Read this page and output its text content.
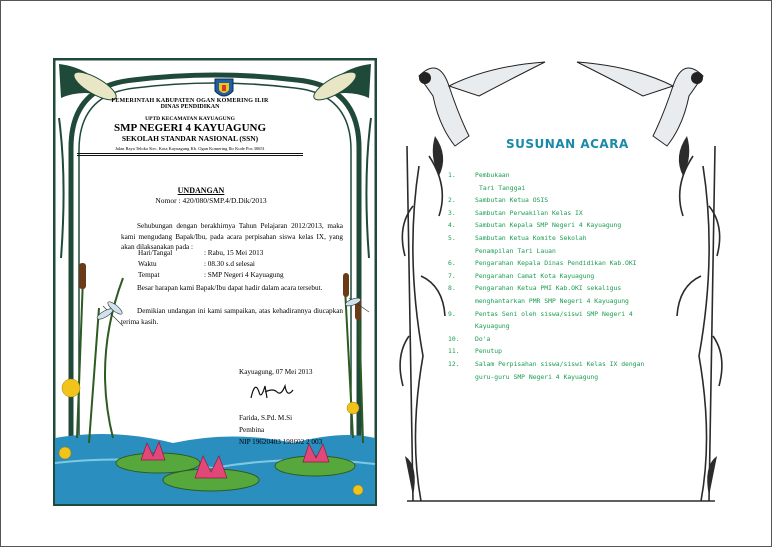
PEMERINTAH KABUPATEN OGAN KOMERING ILIR
DINAS PENDIDIKAN
UPTD KECAMATAN KAYUAGUNG
SMP NEGERI 4 KAYUAGUNG
SEKOLAH STANDAR NASIONAL (SSN)
Jalan Raya Teloko Kec. Kota Kayuagung Kb. Ogan Komering Ilir Kode Pos 30651
UNDANGAN
Nomor : 420/080/SMP.4/D.Dik/2013
Sehubungan dengan berakhirnya Tahun Pelajaran 2012/2013, maka kami mengudang Bapak/Ibu, pada acara perpisahan siswa kelas IX, yang akan dilaksanakan pada :
Hari/Tangal	: Rabu, 15 Mei 2013
Waktu	: 08.30 s.d selesai
Tempat	: SMP Negeri 4 Kayuagung
Besar harapan kami Bapak/Ibu dapat hadir dalam acara tersebut.
Demikian undangan ini kami sampaikan, atas kehadirannya diucapkan terima kasih.
Kayuagung, 07 Mei 2013
Farida, S.Pd. M.Si
Pembina
NIP 19620403 198602 2 003
SUSUNAN ACARA
1.	Pembukaan
Tari Tanggai
2.	Sambutan Ketua OSIS
3.	Sambutan Perwakilan Kelas IX
4.	Sambutan Kepala SMP Negeri 4 Kayuagung
5.	Sambutan Ketua Komite Sekolah
Penampilan Tari Lauan
6.	Pengarahan Kepala Dinas Pendidikan Kab.OKI
7.	Pengarahan Camat Kota Kayuagung
8.	Pengarahan Ketua PMI Kab.OKI sekaligus
menghantarkan PMR SMP Negeri 4 Kayuagung
9.	Pentas Seni oleh siswa/siswi SMP Negeri 4
Kayuagung
10. Do'a
11. Penutup
12. Salam Perpisahan siswa/siswi Kelas IX dengan
guru-guru SMP Negeri 4 Kayuagung
